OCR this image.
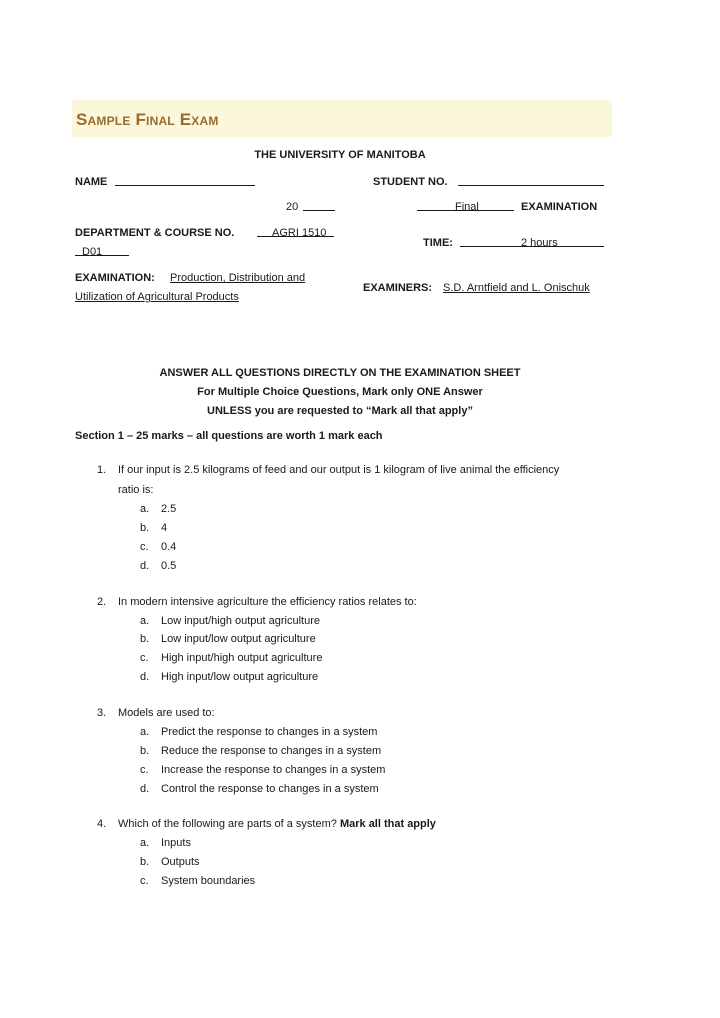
Sample Final Exam
THE UNIVERSITY OF MANITOBA
NAME	STUDENT NO.
20	Final	EXAMINATION
DEPARTMENT & COURSE NO.	AGRI 1510
D01
TIME:	2 hours
EXAMINATION: Production, Distribution and
Utilization of Agricultural Products
EXAMINERS: S.D. Arntfield and L. Onischuk
ANSWER ALL QUESTIONS DIRECTLY ON THE EXAMINATION SHEET
For Multiple Choice Questions, Mark only ONE Answer
UNLESS you are requested to “Mark all that apply”
Section 1 – 25 marks – all questions are worth 1 mark each
1. If our input is 2.5 kilograms of feed and our output is 1 kilogram of live animal the efficiency
ratio is:
a. 2.5
b. 4
c. 0.4
d. 0.5
2. In modern intensive agriculture the efficiency ratios relates to:
a. Low input/high output agriculture
b. Low input/low output agriculture
c. High input/high output agriculture
d. High input/low output agriculture
3. Models are used to:
a. Predict the response to changes in a system
b. Reduce the response to changes in a system
c. Increase the response to changes in a system
d. Control the response to changes in a system
4. Which of the following are parts of a system? Mark all that apply
a. Inputs
b. Outputs
c. System boundaries
